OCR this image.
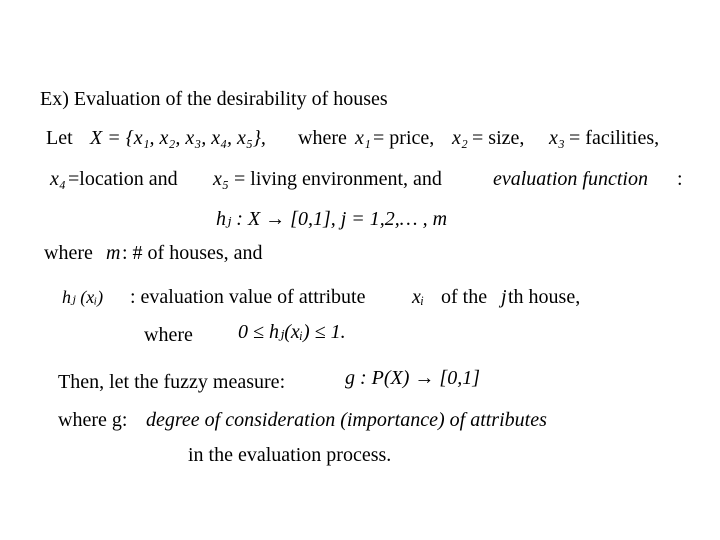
Ex) Evaluation of the desirability of houses
Let X = {x₁, x₂, x₃, x₄, x₅}, where x₁ = price, x₂ = size, x₃ = facilities,
x₄ =location and x₅ = living environment, and	evaluation function :
hⱼ : X → [0,1], j = 1,2,… , m
where m : # of houses, and
hⱼ (xᵢ) : evaluation value of attribute xᵢ of the j th house,
where 0 ≤ hⱼ(xᵢ) ≤ 1.
Then, let the fuzzy measure:	g : P(X) → [0,1]
where g: degree of consideration (importance) of attributes
in the evaluation process.
